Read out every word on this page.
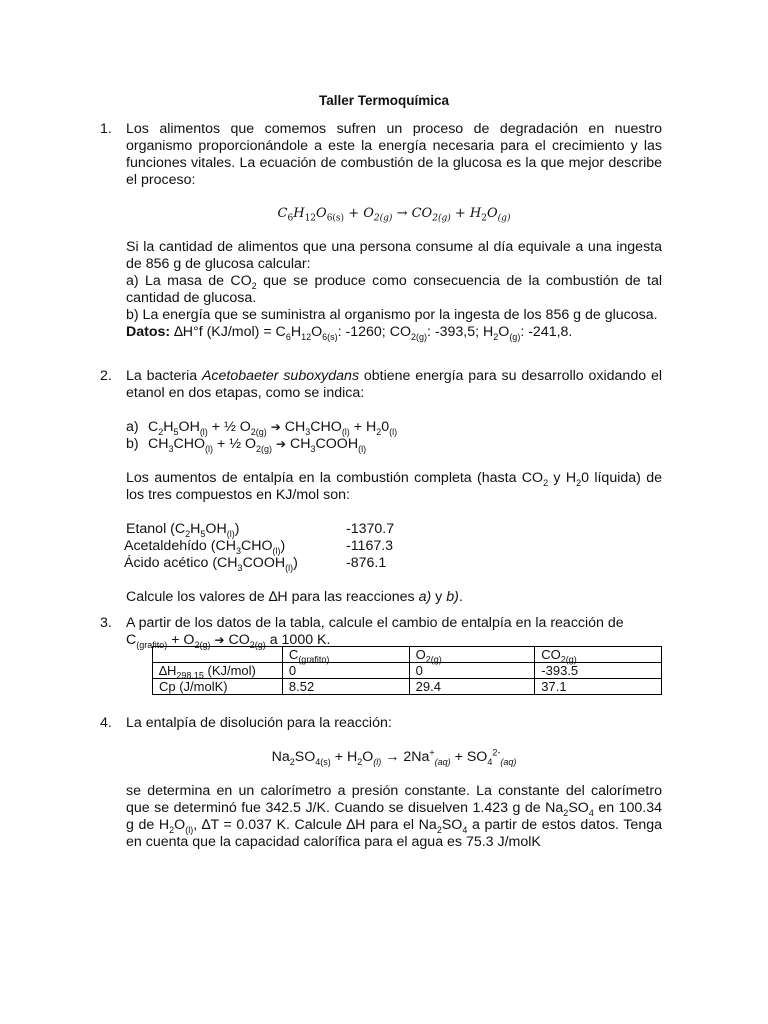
Taller Termoquímica
1. Los alimentos que comemos sufren un proceso de degradación en nuestro organismo proporcionándole a este la energía necesaria para el crecimiento y las funciones vitales. La ecuación de combustión de la glucosa es la que mejor describe el proceso:

$C_6H_{12}O_{6(s)} + O_{2(g)} \to CO_{2(g)} + H_2O_{(g)}$

Si la cantidad de alimentos que una persona consume al día equivale a una ingesta de 856 g de glucosa calcular:

a) La masa de $CO_2$ que se produce como consecuencia de la combustión de tal cantidad de glucosa.

b) La energía que se suministra al organismo por la ingesta de los 856 g de glucosa.

Datos: ∆H°f $(KJ/mol) = C_6H_{12}O_{6(s)}$: -1260; $CO_{2(g)}$: -393,5; $H_2O_{(g)}$: -241,8.

2. La bacteria Acetobaeter suboxydans obtiene energía para su desarrollo oxidando el etanol en dos etapas, como se indica:

a) $C_2H_5OH_{(l)}$ + ½ $O_{2(g)}$ ➔ $CH_3CHO_{(l)} + H_20_{(l)}$
b) $CH_3CHO_{(l)}$ + ½ $O_{2(g)}$ ➔ $CH_3COOH_{(l)}$

Los aumentos de entalpía en la combustión completa (hasta $CO_2$ y $H_20$ líquida) de los tres compuestos en KJ/mol son:

Etanol $(C_2H_5OH_{(l)})$	-1370.7
Acetaldehído $(CH_3CHO_{(l)})$	-1167.3
Ácido acético $(CH_3COOH_{(l)})$	-876.1

Calcule los valores de ∆H para las reacciones a) y b).

3. A partir de los datos de la tabla, calcule el cambio de entalpía en la reacción de

$C_{(grafito)} + O_{2(g)}$ ➔ $CO_{2(g)}$ a 1000 K.

	$C_{(grafito)}$	$O_{2(g)}$	$CO_{2(g)}$
$\Delta H_{298.15}$ (KJ/mol)	0	0	-393.5
Cp (J/molK)	8.52	29.4	37.1
4. La entalpía de disolución para la reacción:

$Na_2SO_{4(s)} + H_2O_{(l)} \to 2Na^+_{(aq)} + SO_4^{2-}_{(aq)}$

se determina en un calorímetro a presión constante. La constante del calorímetro que se determinó fue 342.5 J/K. Cuando se disuelven 1.423 g de $Na_2SO_4$ en 100.34 g de $H_2O_{(l)}$, ∆T = 0.037 K. Calcule ∆H para el $Na_2SO_4$ a partir de estos datos. Tenga en cuenta que la capacidad calorífica para el agua es 75.3 J/molK
